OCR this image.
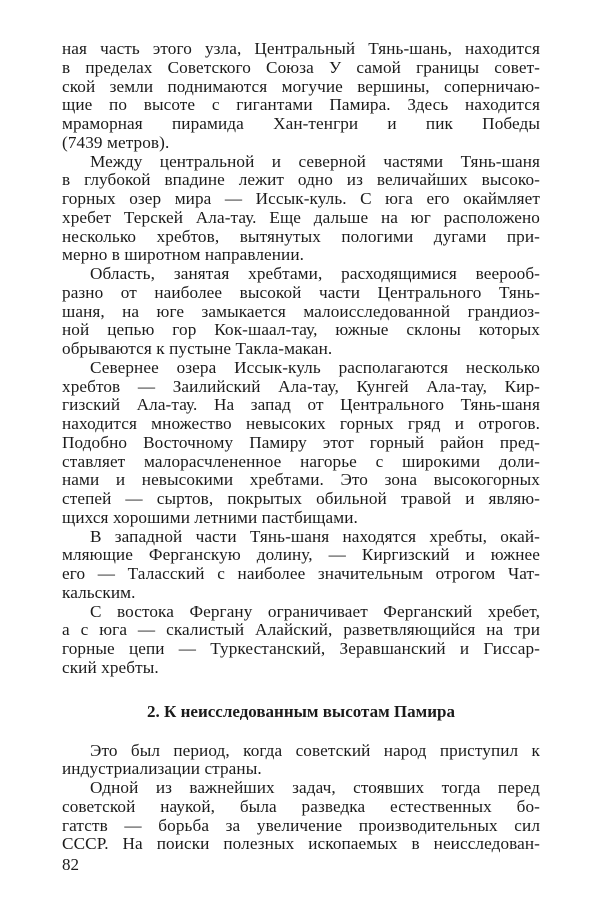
ная часть этого узла, Центральный Тянь-шань, находится
в пределах Советского Союза У самой границы совет-
ской земли поднимаются могучие вершины, соперничаю-
щие по высоте с гигантами Памира. Здесь находится
мраморная пирамида Хан-тенгри и пик Победы
(7439 метров).
Между центральной и северной частями Тянь-шаня
в глубокой впадине лежит одно из величайших высоко-
горных озер мира — Иссык-куль. С юга его окаймляет
хребет Терскей Ала-тау. Еще дальше на юг расположено
несколько хребтов, вытянутых пологими дугами при-
мерно в широтном направлении.
Область, занятая хребтами, расходящимися веерооб-
разно от наиболее высокой части Центрального Тянь-
шаня, на юге замыкается малоисследованной грандиоз-
ной цепью гор Кок-шаал-тау, южные склоны которых
обрываются к пустыне Такла-макан.
Севернее озера Иссык-куль располагаются несколько
хребтов — Заилийский Ала-тау, Кунгей Ала-тау, Кир-
гизский Ала-тау. На запад от Центрального Тянь-шаня
находится множество невысоких горных гряд и отрогов.
Подобно Восточному Памиру этот горный район пред-
ставляет малорасчлененное нагорье с широкими доли-
нами и невысокими хребтами. Это зона высокогорных
степей — сыртов, покрытых обильной травой и являю-
щихся хорошими летними пастбищами.
В западной части Тянь-шаня находятся хребты, окай-
мляющие Ферганскую долину, — Киргизский и южнее
его — Таласский с наиболее значительным отрогом Чат-
кальским.
С востока Фергану ограничивает Ферганский хребет,
а с юга — скалистый Алайский, разветвляющийся на три
горные цепи — Туркестанский, Зеравшанский и Гиссар-
ский хребты.
2. К неисследованным высотам Памира
Это был период, когда советский народ приступил к
индустриализации страны.
Одной из важнейших задач, стоявших тогда перед
советской наукой, была разведка естественных бо-
гатств — борьба за увеличение производительных сил
СССР. На поиски полезных ископаемых в неисследован-
82
